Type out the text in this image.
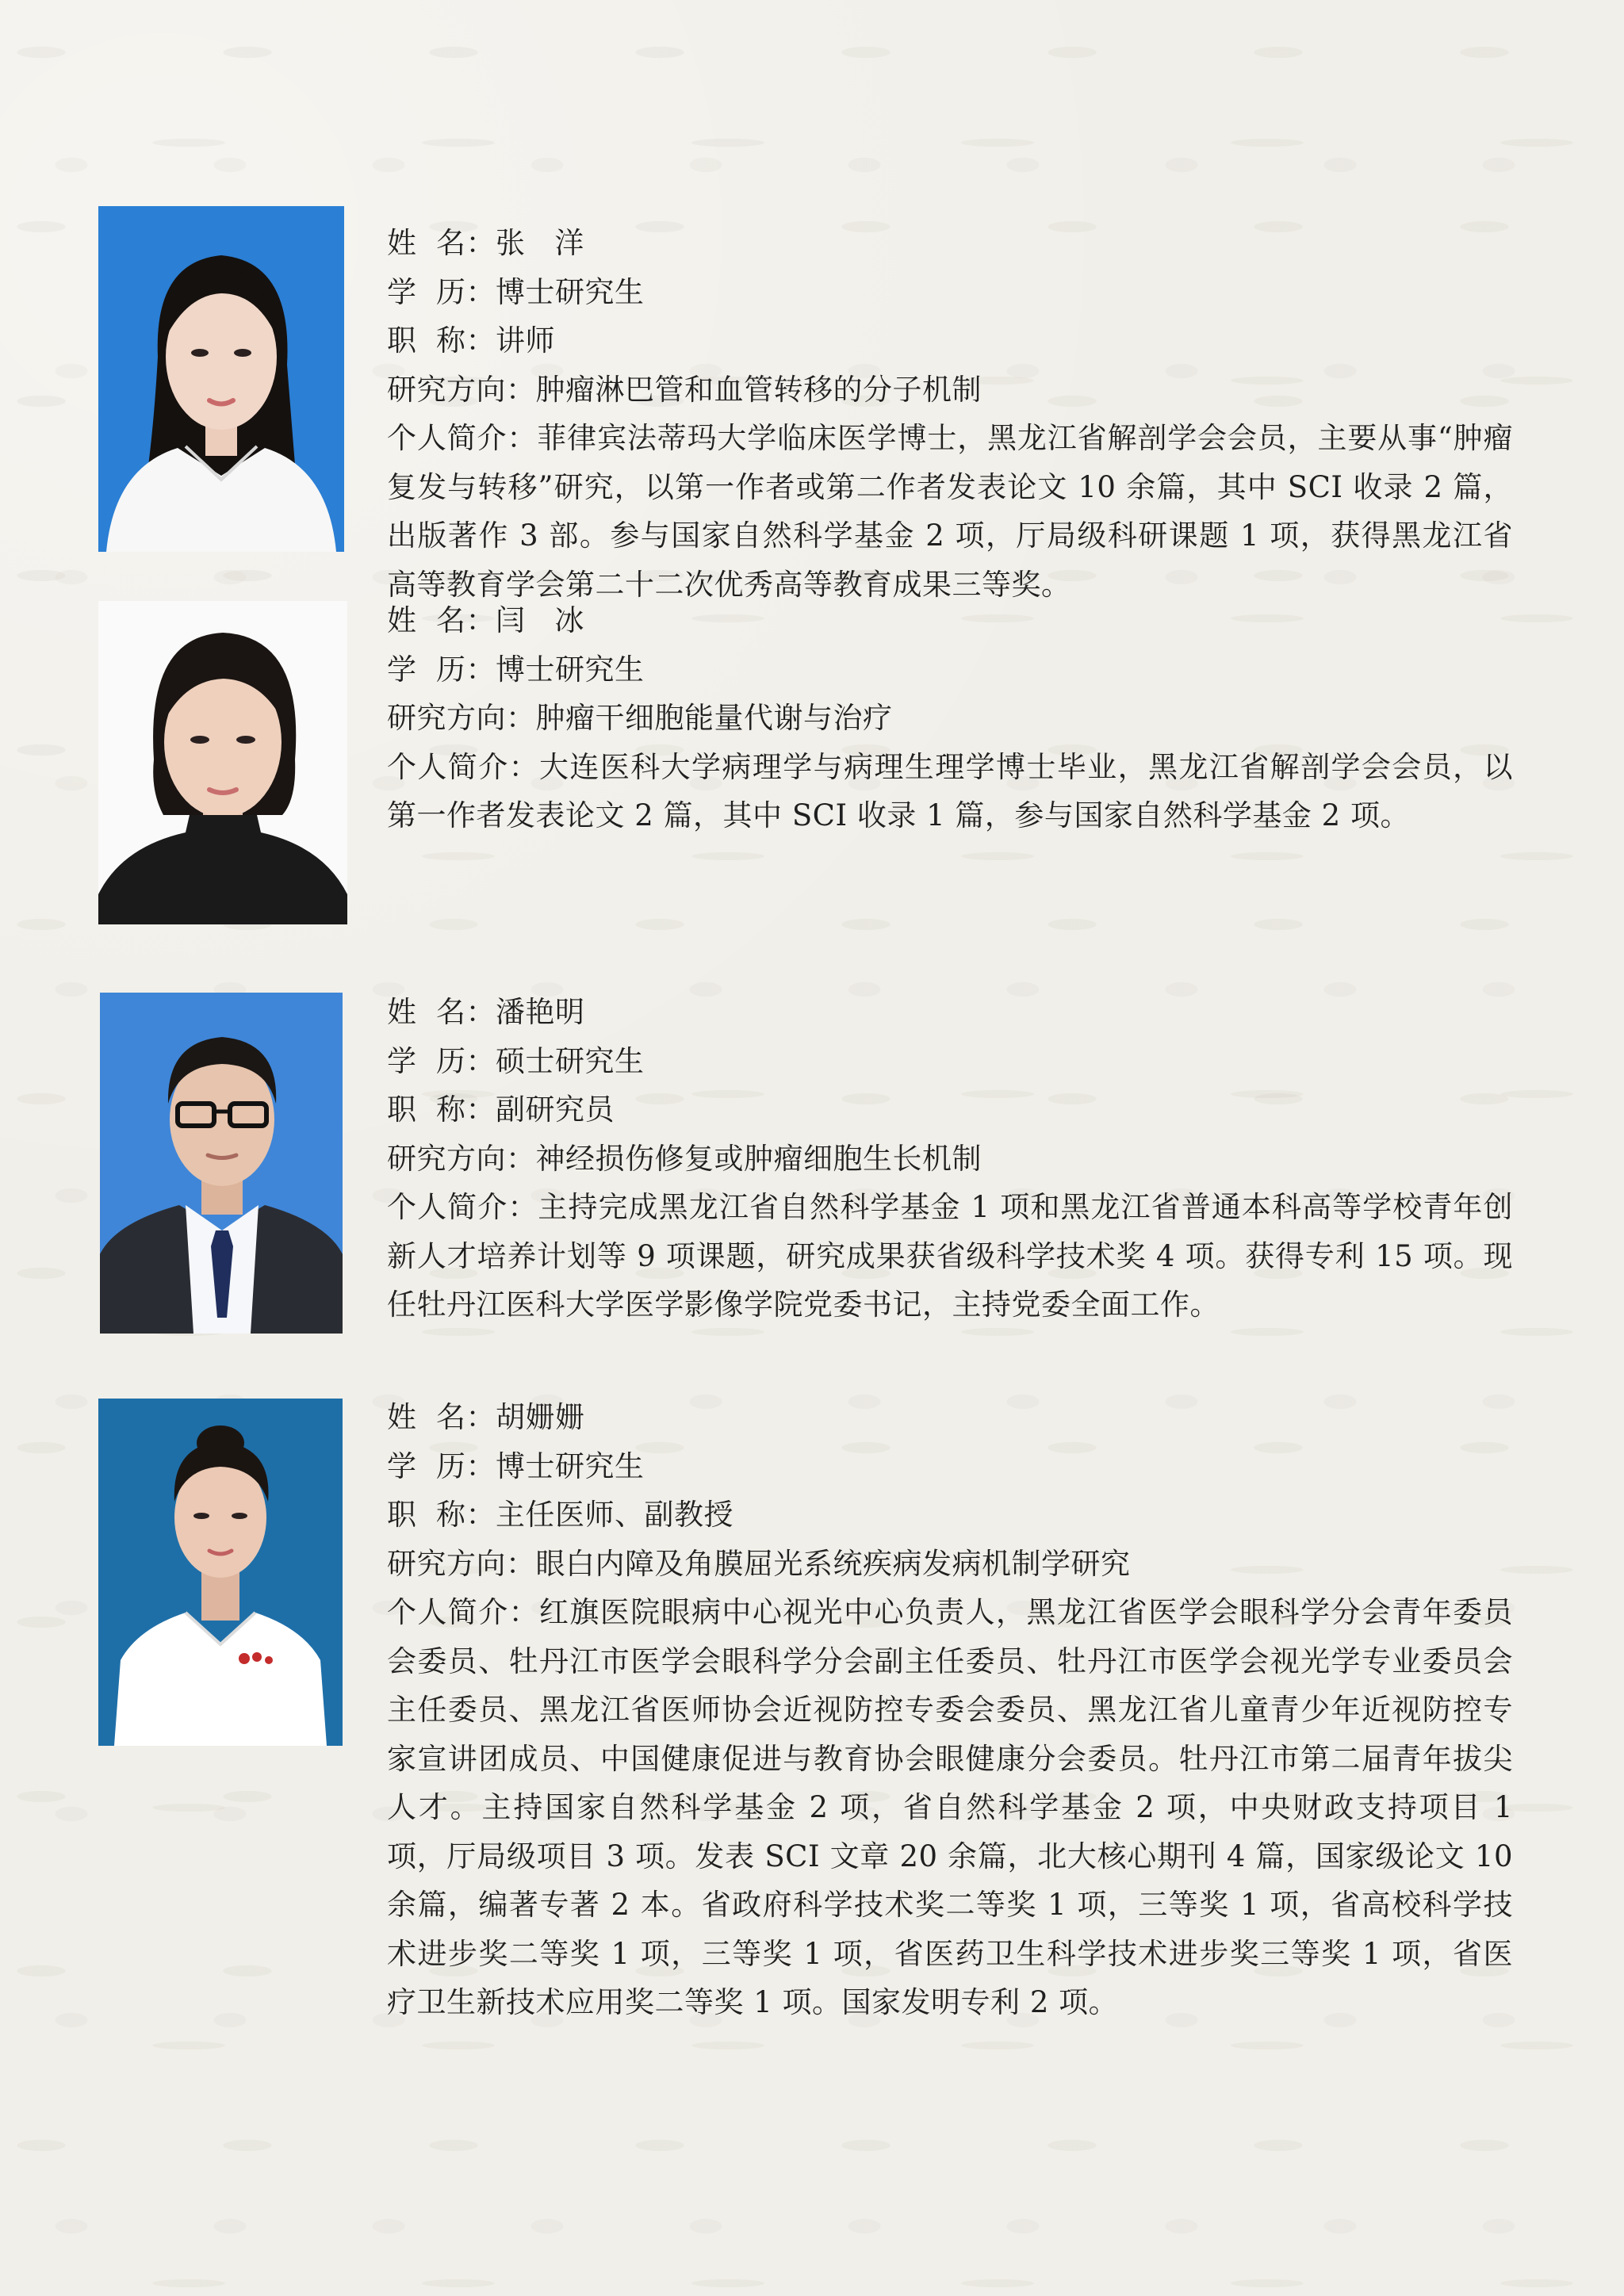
姓  名：张   洋
学  历：博士研究生
职  称：讲师
研究方向：肿瘤淋巴管和血管转移的分子机制
个人简介：菲律宾法蒂玛大学临床医学博士，黑龙江省解剖学会会员，主要从事“肿瘤复发与转移”研究，以第一作者或第二作者发表论文 10 余篇，其中 SCI 收录 2 篇，出版著作 3 部。参与国家自然科学基金 2 项，厅局级科研课题 1 项，获得黑龙江省高等教育学会第二十二次优秀高等教育成果三等奖。
姓  名：闫   冰
学  历：博士研究生
研究方向：肿瘤干细胞能量代谢与治疗
个人简介：大连医科大学病理学与病理生理学博士毕业，黑龙江省解剖学会会员，以第一作者发表论文 2 篇，其中 SCI 收录 1 篇，参与国家自然科学基金 2 项。
姓  名：潘艳明
学  历：硕士研究生
职  称：副研究员
研究方向：神经损伤修复或肿瘤细胞生长机制
个人简介：主持完成黑龙江省自然科学基金 1 项和黑龙江省普通本科高等学校青年创新人才培养计划等 9 项课题，研究成果获省级科学技术奖 4 项。获得专利 15 项。现任牡丹江医科大学医学影像学院党委书记，主持党委全面工作。
姓  名：胡姗姗
学  历：博士研究生
职  称：主任医师、副教授
研究方向：眼白内障及角膜屈光系统疾病发病机制学研究
个人简介：红旗医院眼病中心视光中心负责人，黑龙江省医学会眼科学分会青年委员会委员、牡丹江市医学会眼科学分会副主任委员、牡丹江市医学会视光学专业委员会主任委员、黑龙江省医师协会近视防控专委会委员、黑龙江省儿童青少年近视防控专家宣讲团成员、中国健康促进与教育协会眼健康分会委员。牡丹江市第二届青年拔尖人才。主持国家自然科学基金 2 项，省自然科学基金 2 项，中央财政支持项目 1 项，厅局级项目 3 项。发表 SCI 文章 20 余篇，北大核心期刊 4 篇，国家级论文 10 余篇，编著专著 2 本。省政府科学技术奖二等奖 1 项，三等奖 1 项，省高校科学技术进步奖二等奖 1 项，三等奖 1 项，省医药卫生科学技术进步奖三等奖 1 项，省医疗卫生新技术应用奖二等奖 1 项。国家发明专利 2 项。
